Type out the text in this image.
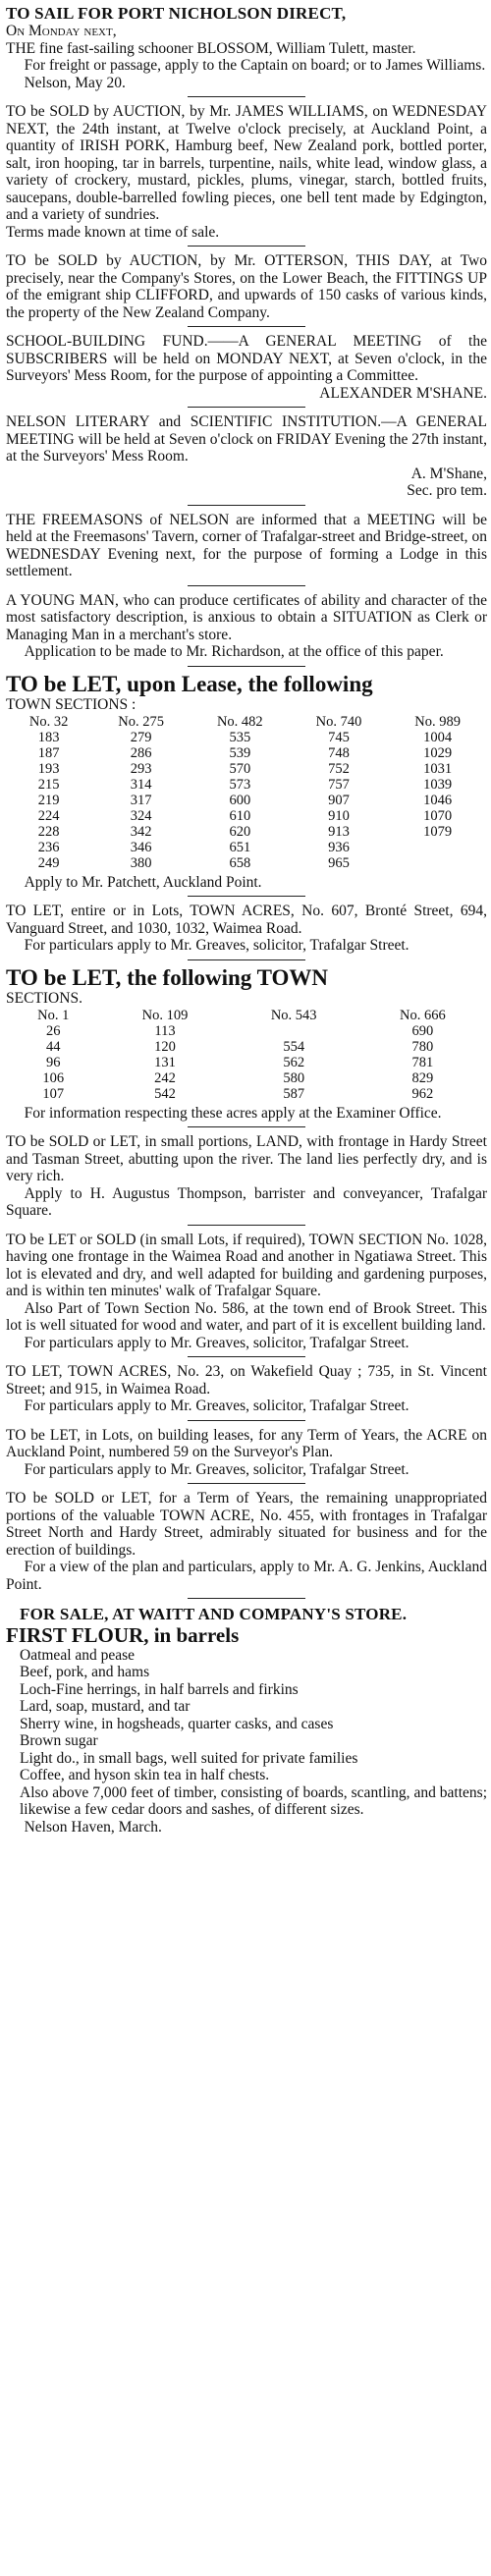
TO SAIL FOR PORT NICHOLSON DIRECT,

On Monday next,

THE fine fast-sailing schooner BLOSSOM, William Tulett, master.

For freight or passage, apply to the Captain on board; or to James Williams.

Nelson, May 20.

TO be SOLD by AUCTION, by Mr. JAMES WILLIAMS, on WEDNESDAY NEXT, the 24th instant, at Twelve o'clock precisely, at Auckland Point, a quantity of IRISH PORK, Hamburg beef, New Zealand pork, bottled porter, salt, iron hooping, tar in barrels, turpentine, nails, white lead, window glass, a variety of crockery, mustard, pickles, plums, vinegar, starch, bottled fruits, saucepans, double-barrelled fowling pieces, one bell tent made by Edgington, and a variety of sundries.

Terms made known at time of sale.

TO be SOLD by AUCTION, by Mr. OTTERSON, THIS DAY, at Two precisely, near the Company's Stores, on the Lower Beach, the FITTINGS UP of the emigrant ship CLIFFORD, and upwards of 150 casks of various kinds, the property of the New Zealand Company.

SCHOOL-BUILDING FUND.——A GENERAL MEETING of the SUBSCRIBERS will be held on MONDAY NEXT, at Seven o'clock, in the Surveyors' Mess Room, for the purpose of appointing a Committee.

ALEXANDER M'SHANE.

NELSON LITERARY and SCIENTIFIC INSTITUTION.—A GENERAL MEETING will be held at Seven o'clock on FRIDAY Evening the 27th instant, at the Surveyors' Mess Room.

A. M'Shane,

Sec. pro tem.

THE FREEMASONS of NELSON are informed that a MEETING will be held at the Freemasons' Tavern, corner of Trafalgar-street and Bridge-street, on WEDNESDAY Evening next, for the purpose of forming a Lodge in this settlement.

A YOUNG MAN, who can produce certificates of ability and character of the most satisfactory description, is anxious to obtain a SITUATION as Clerk or Managing Man in a merchant's store.

Application to be made to Mr. Richardson, at the office of this paper.

TO be LET, upon Lease, the following

TOWN SECTIONS :

No. 32	No. 275	No. 482	No. 740	No. 989
183	279	535	745	1004
187	286	539	748	1029
193	293	570	752	1031
215	314	573	757	1039
219	317	600	907	1046
224	324	610	910	1070
228	342	620	913	1079
236	346	651	936	
249	380	658	965	

Apply to Mr. Patchett, Auckland Point.

TO LET, entire or in Lots, TOWN ACRES, No. 607, Bronté Street, 694, Vanguard Street, and 1030, 1032, Waimea Road.

For particulars apply to Mr. Greaves, solicitor, Trafalgar Street.

TO be LET, the following TOWN

SECTIONS.

No. 1	No. 109	No. 543	No. 666
26	113		690
44	120	554	780
96	131	562	781
106	242	580	829
107	542	587	962

For information respecting these acres apply at the Examiner Office.

TO be SOLD or LET, in small portions, LAND, with frontage in Hardy Street and Tasman Street, abutting upon the river. The land lies perfectly dry, and is very rich.

Apply to H. Augustus Thompson, barrister and conveyancer, Trafalgar Square.

TO be LET or SOLD (in small Lots, if required), TOWN SECTION No. 1028, having one frontage in the Waimea Road and another in Ngatiawa Street. This lot is elevated and dry, and well adapted for building and gardening purposes, and is within ten minutes' walk of Trafalgar Square.

Also Part of Town Section No. 586, at the town end of Brook Street. This lot is well situated for wood and water, and part of it is excellent building land.

For particulars apply to Mr. Greaves, solicitor, Trafalgar Street.

TO LET, TOWN ACRES, No. 23, on Wakefield Quay ; 735, in St. Vincent Street; and 915, in Waimea Road.

For particulars apply to Mr. Greaves, solicitor, Trafalgar Street.

TO be LET, in Lots, on building leases, for any Term of Years, the ACRE on Auckland Point, numbered 59 on the Surveyor's Plan.

For particulars apply to Mr. Greaves, solicitor, Trafalgar Street.

TO be SOLD or LET, for a Term of Years, the remaining unappropriated portions of the valuable TOWN ACRE, No. 455, with frontages in Trafalgar Street North and Hardy Street, admirably situated for business and for the erection of buildings.

For a view of the plan and particulars, apply to Mr. A. G. Jenkins, Auckland Point.

FOR SALE, AT WAITT AND COMPANY'S STORE.

FIRST FLOUR, in barrels

Oatmeal and pease

Beef, pork, and hams

Loch-Fine herrings, in half barrels and firkins

Lard, soap, mustard, and tar

Sherry wine, in hogsheads, quarter casks, and cases

Brown sugar

Light do., in small bags, well suited for private families

Coffee, and hyson skin tea in half chests.

Also above 7,000 feet of timber, consisting of boards, scantling, and battens; likewise a few cedar doors and sashes, of different sizes.

Nelson Haven, March.
